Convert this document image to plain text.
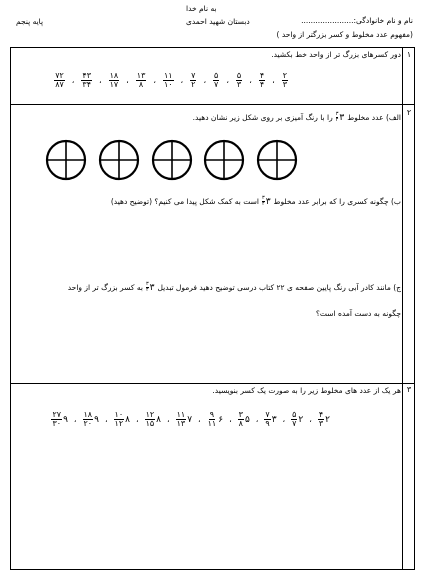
به نام خدا
نام و نام خانوادگی:......................
دبستان شهید احمدی
پایه پنجم
(مفهوم عدد مخلوط و کسر بزرگتر از واحد )
۱
دور کسرهای بزرگ تر از واحد خط بکشید.
$\frac{۲}{۳}$
،
$\frac{۴}{۴}$
،
$\frac{۵}{۳}$
،
$\frac{۵}{۷}$
،
$\frac{۷}{۲}$
،
$\frac{۱۱}{۱۰}$
،
$\frac{۱۳}{۸}$
،
$\frac{۱۸}{۱۷}$
،
$\frac{۴۳}{۳۴}$
،
$\frac{۷۲}{۸۷}$
۲
الف) عدد مخلوط
۳
$\frac{۳}{۴}$
را با رنگ آمیزی بر روی شکل زیر نشان دهید.
ب) چگونه کسری را که برابر عدد مخلوط
۳
$\frac{۳}{۴}$
است به کمک شکل پیدا می کنیم؟ (توضیح دهید)
ج) مانند کادر آبی رنگ پایین صفحه ی ۲۲ کتاب درسی توضیح دهید فرمول تبدیل
۳
$\frac{۳}{۴}$
به کسر بزرگ تر از واحد
چگونه به دست آمده است؟
۳
هر یک از عدد های مخلوط زیر را به صورت یک کسر بنویسید.
۲
$\frac{۴}{۳}$
،
۲
$\frac{۵}{۷}$
،
۳
$\frac{۷}{۹}$
،
۵
$\frac{۳}{۸}$
،
۶
$\frac{۹}{۱۱}$
،
۷
$\frac{۱۱}{۱۳}$
،
۸
$\frac{۱۲}{۱۵}$
،
۸
$\frac{۱۰}{۱۲}$
،
۹
$\frac{۱۸}{۲۰}$
،
۹
$\frac{۲۷}{۳۰}$
